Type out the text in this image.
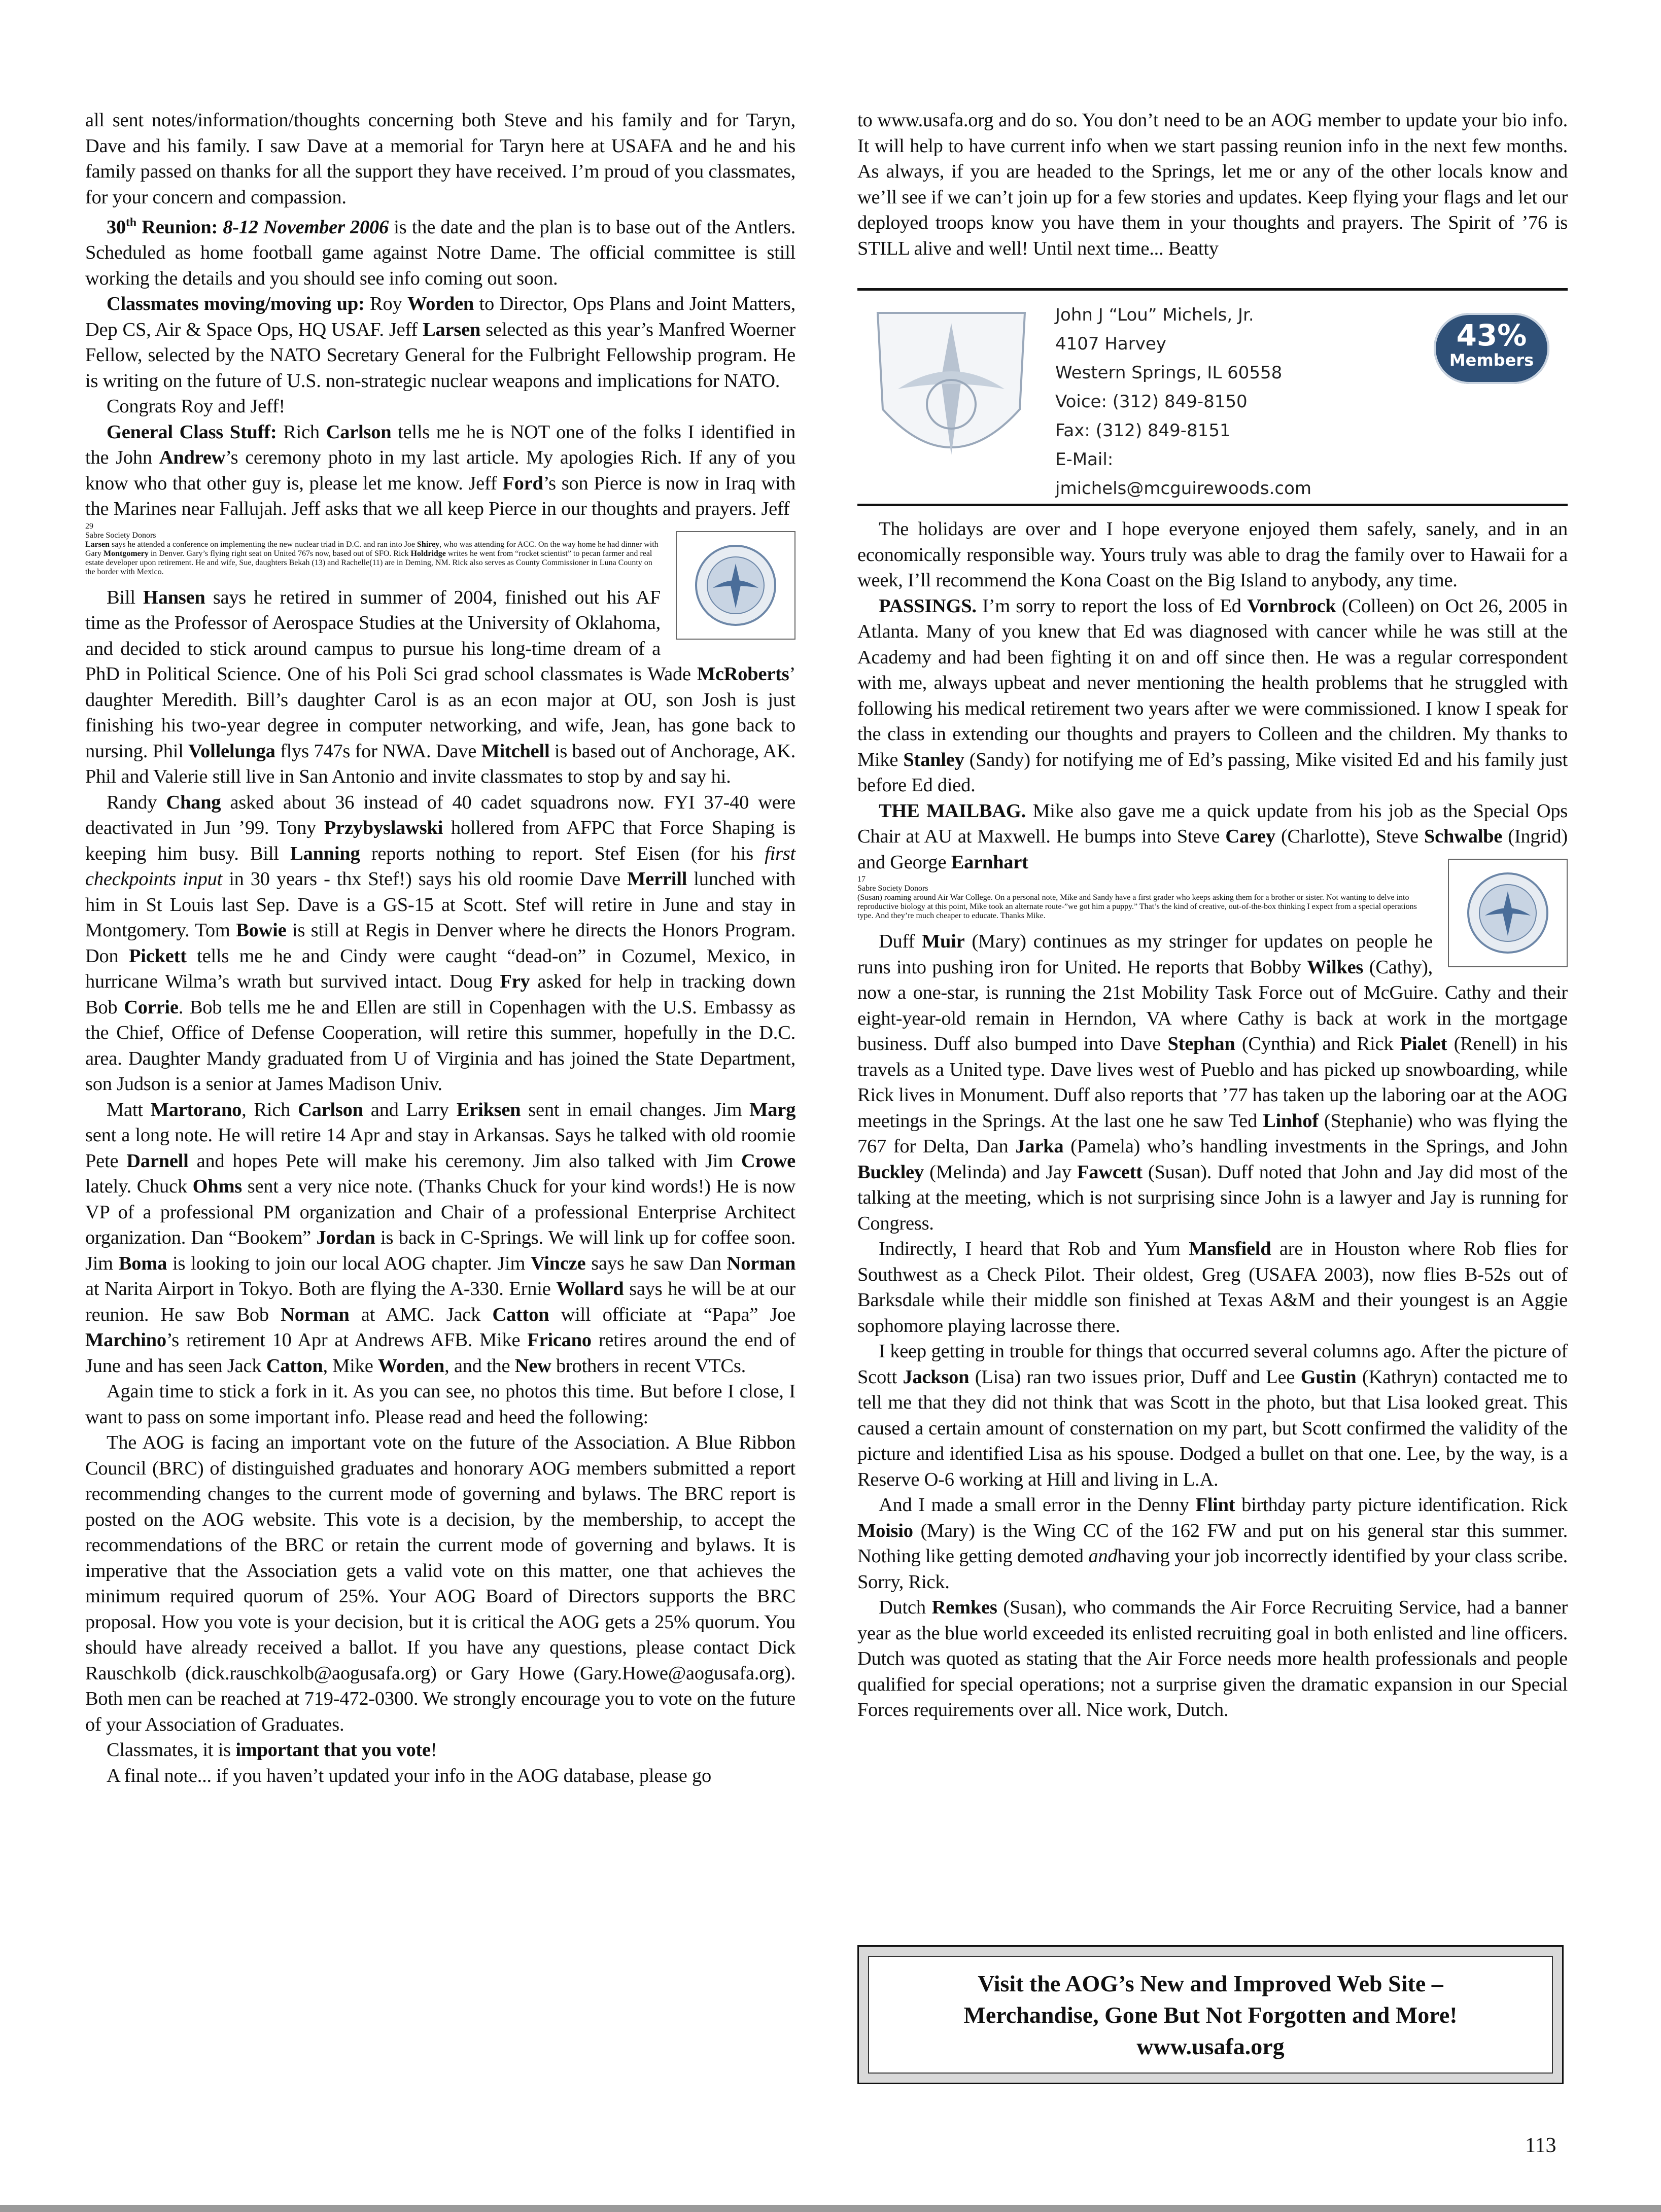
all sent notes/information/thoughts concerning both Steve and his family and for Taryn, Dave and his family. I saw Dave at a memorial for Taryn here at USAFA and he and his family passed on thanks for all the support they have received. I’m proud of you classmates, for your concern and compassion.

30th Reunion: 8-12 November 2006 is the date and the plan is to base out of the Antlers. Scheduled as home football game against Notre Dame. The official committee is still working the details and you should see info coming out soon.

Classmates moving/moving up: Roy Worden to Director, Ops Plans and Joint Matters, Dep CS, Air & Space Ops, HQ USAF. Jeff Larsen selected as this year’s Manfred Woerner Fellow, selected by the NATO Secretary General for the Fulbright Fellowship program. He is writing on the future of U.S. non-strategic nuclear weapons and implications for NATO.

Congrats Roy and Jeff!

General Class Stuff: Rich Carlson tells me he is NOT one of the folks I identified in the John Andrew’s ceremony photo in my last article. My apologies Rich. If any of you know who that other guy is, please let me know. Jeff Ford’s son Pierce is now in Iraq with the Marines near Fallujah. Jeff asks that we all keep Pierce in our thoughts and prayers. Jeff

29
Sabre Society Donors
Larsen says he attended a conference on implementing the new nuclear triad in D.C. and ran into Joe Shirey, who was attending for ACC. On the way home he had dinner with Gary Montgomery in Denver. Gary’s flying right seat on United 767s now, based out of SFO. Rick Holdridge writes he went from “rocket scientist” to pecan farmer and real estate developer upon retirement. He and wife, Sue, daughters Bekah (13) and Rachelle(11) are in Deming, NM. Rick also serves as County Commissioner in Luna County on the border with Mexico.

Bill Hansen says he retired in summer of 2004, finished out his AF time as the Professor of Aerospace Studies at the University of Oklahoma, and decided to stick around campus to pursue his long-time dream of a PhD in Political Science. One of his Poli Sci grad school classmates is Wade McRoberts’ daughter Meredith. Bill’s daughter Carol is as an econ major at OU, son Josh is just finishing his two-year degree in computer networking, and wife, Jean, has gone back to nursing. Phil Vollelunga flys 747s for NWA. Dave Mitchell is based out of Anchorage, AK. Phil and Valerie still live in San Antonio and invite classmates to stop by and say hi.

Randy Chang asked about 36 instead of 40 cadet squadrons now. FYI 37-40 were deactivated in Jun ’99. Tony Przybyslawski hollered from AFPC that Force Shaping is keeping him busy. Bill Lanning reports nothing to report. Stef Eisen (for his first checkpoints input in 30 years - thx Stef!) says his old roomie Dave Merrill lunched with him in St Louis last Sep. Dave is a GS-15 at Scott. Stef will retire in June and stay in Montgomery. Tom Bowie is still at Regis in Denver where he directs the Honors Program. Don Pickett tells me he and Cindy were caught “dead-on” in Cozumel, Mexico, in hurricane Wilma’s wrath but survived intact. Doug Fry asked for help in tracking down Bob Corrie. Bob tells me he and Ellen are still in Copenhagen with the U.S. Embassy as the Chief, Office of Defense Cooperation, will retire this summer, hopefully in the D.C. area. Daughter Mandy graduated from U of Virginia and has joined the State Department, son Judson is a senior at James Madison Univ.

Matt Martorano, Rich Carlson and Larry Eriksen sent in email changes. Jim Marg sent a long note. He will retire 14 Apr and stay in Arkansas. Says he talked with old roomie Pete Darnell and hopes Pete will make his ceremony. Jim also talked with Jim Crowe lately. Chuck Ohms sent a very nice note. (Thanks Chuck for your kind words!) He is now VP of a professional PM organization and Chair of a professional Enterprise Architect organization. Dan “Bookem” Jordan is back in C-Springs. We will link up for coffee soon. Jim Boma is looking to join our local AOG chapter. Jim Vincze says he saw Dan Norman at Narita Airport in Tokyo. Both are flying the A-330. Ernie Wollard says he will be at our reunion. He saw Bob Norman at AMC. Jack Catton will officiate at “Papa” Joe Marchino’s retirement 10 Apr at Andrews AFB. Mike Fricano retires around the end of June and has seen Jack Catton, Mike Worden, and the New brothers in recent VTCs.

Again time to stick a fork in it. As you can see, no photos this time. But before I close, I want to pass on some important info. Please read and heed the following:

The AOG is facing an important vote on the future of the Association. A Blue Ribbon Council (BRC) of distinguished graduates and honorary AOG members submitted a report recommending changes to the current mode of governing and bylaws. The BRC report is posted on the AOG website. This vote is a decision, by the membership, to accept the recommendations of the BRC or retain the current mode of governing and bylaws. It is imperative that the Association gets a valid vote on this matter, one that achieves the minimum required quorum of 25%. Your AOG Board of Directors supports the BRC proposal. How you vote is your decision, but it is critical the AOG gets a 25% quorum. You should have already received a ballot. If you have any questions, please contact Dick Rauschkolb (dick.rauschkolb@aogusafa.org) or Gary Howe (Gary.Howe@aogusafa.org). Both men can be reached at 719-472-0300. We strongly encourage you to vote on the future of your Association of Graduates.

Classmates, it is important that you vote!

A final note... if you haven’t updated your info in the AOG database, please go

to www.usafa.org and do so. You don’t need to be an AOG member to update your bio info. It will help to have current info when we start passing reunion info in the next few months. As always, if you are headed to the Springs, let me or any of the other locals know and we’ll see if we can’t join up for a few stories and updates. Keep flying your flags and let our deployed troops know you have them in your thoughts and prayers. The Spirit of ’76 is STILL alive and well! Until next time... Beatty

John J “Lou” Michels, Jr.
4107 Harvey
Western Springs, IL 60558
Voice: (312) 849-8150
Fax: (312) 849-8151
E-Mail:
jmichels@mcguirewoods.com
43%
Members

The holidays are over and I hope everyone enjoyed them safely, sanely, and in an economically responsible way. Yours truly was able to drag the family over to Hawaii for a week, I’ll recommend the Kona Coast on the Big Island to anybody, any time.

PASSINGS. I’m sorry to report the loss of Ed Vornbrock (Colleen) on Oct 26, 2005 in Atlanta. Many of you knew that Ed was diagnosed with cancer while he was still at the Academy and had been fighting it on and off since then. He was a regular correspondent with me, always upbeat and never mentioning the health problems that he struggled with following his medical retirement two years after we were commissioned. I know I speak for the class in extending our thoughts and prayers to Colleen and the children. My thanks to Mike Stanley (Sandy) for notifying me of Ed’s passing, Mike visited Ed and his family just before Ed died.

THE MAILBAG. Mike also gave me a quick update from his job as the Special Ops Chair at AU at Maxwell. He bumps into Steve Carey (Charlotte), Steve Schwalbe (Ingrid) and George Earnhart

17
Sabre Society Donors
(Susan) roaming around Air War College. On a personal note, Mike and Sandy have a first grader who keeps asking them for a brother or sister. Not wanting to delve into reproductive biology at this point, Mike took an alternate route-”we got him a puppy.” That’s the kind of creative, out-of-the-box thinking I expect from a special operations type. And they’re much cheaper to educate. Thanks Mike.

Duff Muir (Mary) continues as my stringer for updates on people he runs into pushing iron for United. He reports that Bobby Wilkes (Cathy), now a one-star, is running the 21st Mobility Task Force out of McGuire. Cathy and their eight-year-old remain in Herndon, VA where Cathy is back at work in the mortgage business. Duff also bumped into Dave Stephan (Cynthia) and Rick Pialet (Renell) in his travels as a United type. Dave lives west of Pueblo and has picked up snowboarding, while Rick lives in Monument. Duff also reports that ’77 has taken up the laboring oar at the AOG meetings in the Springs. At the last one he saw Ted Linhof (Stephanie) who was flying the 767 for Delta, Dan Jarka (Pamela) who’s handling investments in the Springs, and John Buckley (Melinda) and Jay Fawcett (Susan). Duff noted that John and Jay did most of the talking at the meeting, which is not surprising since John is a lawyer and Jay is running for Congress.

Indirectly, I heard that Rob and Yum Mansfield are in Houston where Rob flies for Southwest as a Check Pilot. Their oldest, Greg (USAFA 2003), now flies B-52s out of Barksdale while their middle son finished at Texas A&M and their youngest is an Aggie sophomore playing lacrosse there.

I keep getting in trouble for things that occurred several columns ago. After the picture of Scott Jackson (Lisa) ran two issues prior, Duff and Lee Gustin (Kathryn) contacted me to tell me that they did not think that was Scott in the photo, but that Lisa looked great. This caused a certain amount of consternation on my part, but Scott confirmed the validity of the picture and identified Lisa as his spouse. Dodged a bullet on that one. Lee, by the way, is a Reserve O-6 working at Hill and living in L.A.

And I made a small error in the Denny Flint birthday party picture identification. Rick Moisio (Mary) is the Wing CC of the 162 FW and put on his general star this summer. Nothing like getting demoted andhaving your job incorrectly identified by your class scribe. Sorry, Rick.

Dutch Remkes (Susan), who commands the Air Force Recruiting Service, had a banner year as the blue world exceeded its enlisted recruiting goal in both enlisted and line officers. Dutch was quoted as stating that the Air Force needs more health professionals and people qualified for special operations; not a surprise given the dramatic expansion in our Special Forces requirements over all. Nice work, Dutch.

Visit the AOG’s New and Improved Web Site –
Merchandise, Gone But Not Forgotten and More!
www.usafa.org
113
